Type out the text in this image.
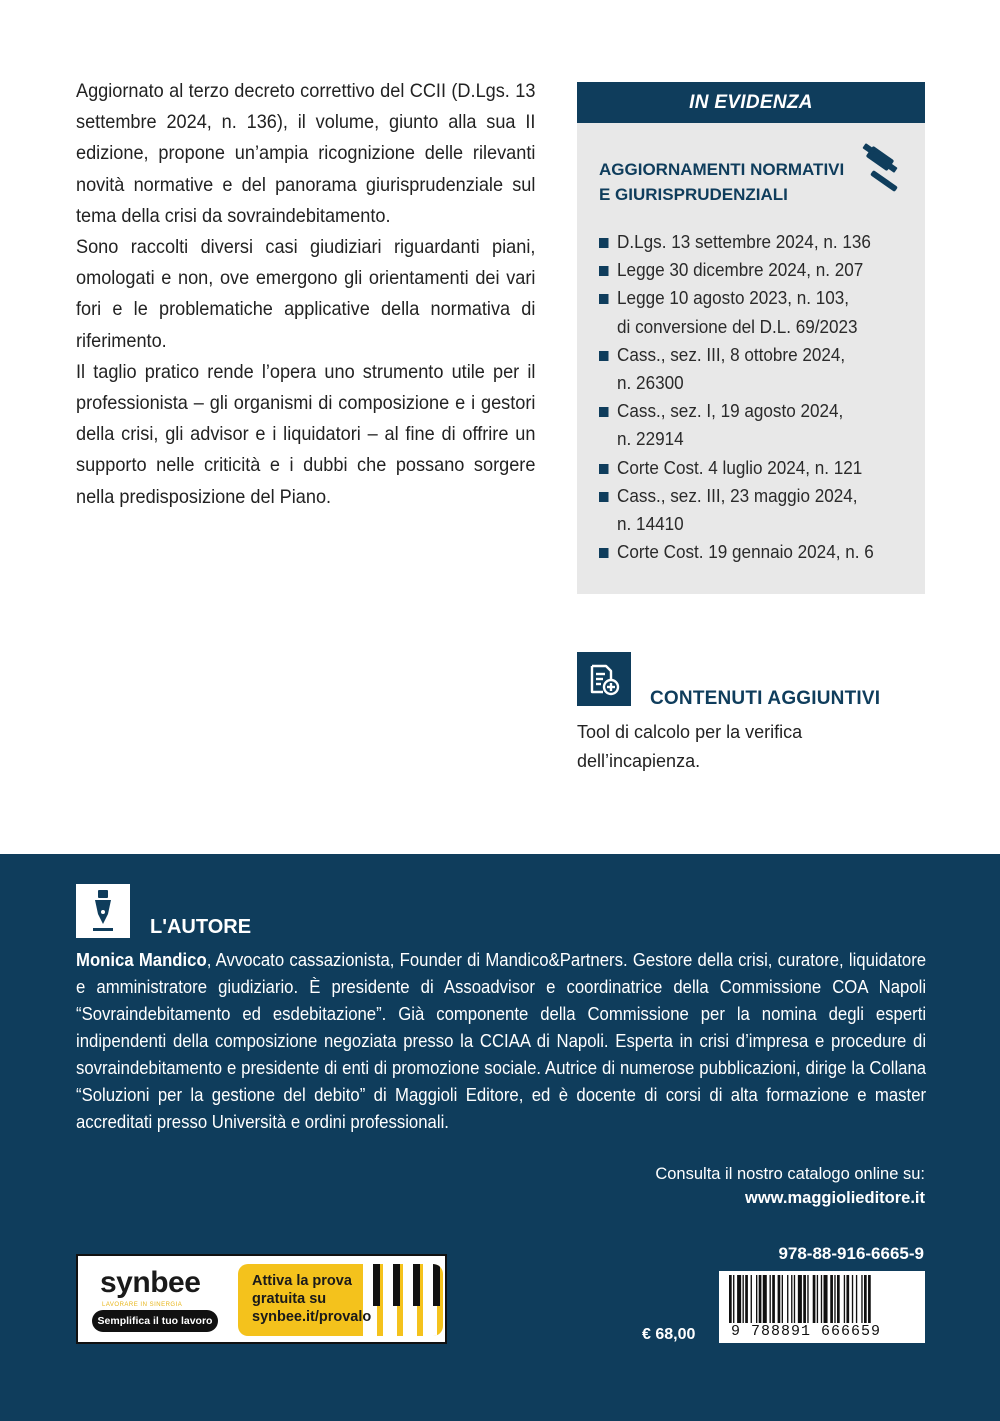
Aggiornato al terzo decreto correttivo del CCII (D.Lgs. 13 settembre 2024, n. 136), il volume, giunto alla sua II edizione, propone un’ampia ricognizione delle rilevanti novità normative e del panorama giurisprudenziale sul tema della crisi da sovraindebitamento.

Sono raccolti diversi casi giudiziari riguardanti piani, omologati e non, ove emergono gli orientamenti dei vari fori e le problematiche applicative della normativa di riferimento.

Il taglio pratico rende l’opera uno strumento utile per il professionista – gli organismi di composizione e i gestori della crisi, gli advisor e i liquidatori – al fine di offrire un supporto nelle criticità e i dubbi che possano sorgere nella predisposizione del Piano.

IN EVIDENZA
AGGIORNAMENTI NORMATIVI
E GIURISPRUDENZIALI
D.Lgs. 13 settembre 2024, n. 136
Legge 30 dicembre 2024, n. 207
Legge 10 agosto 2023, n. 103,
di conversione del D.L. 69/2023
Cass., sez. III, 8 ottobre 2024,
n. 26300
Cass., sez. I, 19 agosto 2024,
n. 22914
Corte Cost. 4 luglio 2024, n. 121
Cass., sez. III, 23 maggio 2024,
n. 14410
Corte Cost. 19 gennaio 2024, n. 6
CONTENUTI AGGIUNTIVI
Tool di calcolo per la verifica
dell’incapienza.
L'AUTORE
Monica Mandico, Avvocato cassazionista, Founder di Mandico&Partners. Gestore della crisi, curatore, liquidatore e amministratore giudiziario. È presidente di Assoadvisor e coordinatrice della Commissione COA Napoli “Sovraindebitamento ed esdebitazione”. Già componente della Commissione per la nomina degli esperti indipendenti della composizione negoziata presso la CCIAA di Napoli. Esperta in crisi d’impresa e procedure di sovraindebitamento e presidente di enti di promozione sociale. Autrice di numerose pubblicazioni, dirige la Collana “Soluzioni per la gestione del debito” di Maggioli Editore, ed è docente di corsi di alta formazione e master accreditati presso Università e ordini professionali.
Consulta il nostro catalogo online su:
www.maggiolieditore.it
synbee
LAVORARE IN SINERGIA
Semplifica il tuo lavoro
Attiva la prova
gratuita su
synbee.it/provalo
€ 68,00
978-88-916-6665-9
9 788891 666659
